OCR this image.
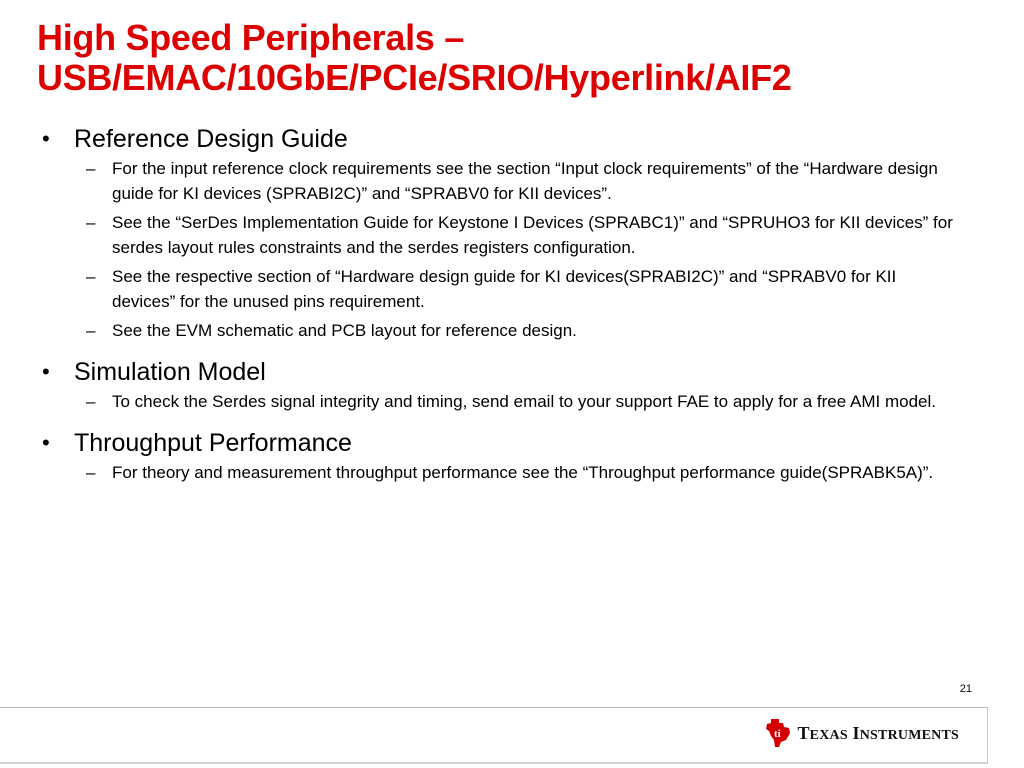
High Speed Peripherals –
USB/EMAC/10GbE/PCIe/SRIO/Hyperlink/AIF2
• Reference Design Guide
– For the input reference clock requirements see the section “Input clock requirements” of the “Hardware design guide for KI devices (SPRABI2C)” and “SPRABV0 for KII devices”.
– See the “SerDes Implementation Guide for Keystone I Devices (SPRABC1)” and “SPRUHO3 for KII devices” for serdes layout rules constraints and the serdes registers configuration.
– See the respective section of “Hardware design guide for KI devices(SPRABI2C)” and “SPRABV0 for KII devices” for the unused pins requirement.
– See the EVM schematic and PCB layout for reference design.
• Simulation Model
– To check the Serdes signal integrity and timing, send email to your support FAE to apply for a free AMI model.
• Throughput Performance
– For theory and measurement throughput performance see the “Throughput performance guide(SPRABK5A)”.
21
ti TEXAS INSTRUMENTS
